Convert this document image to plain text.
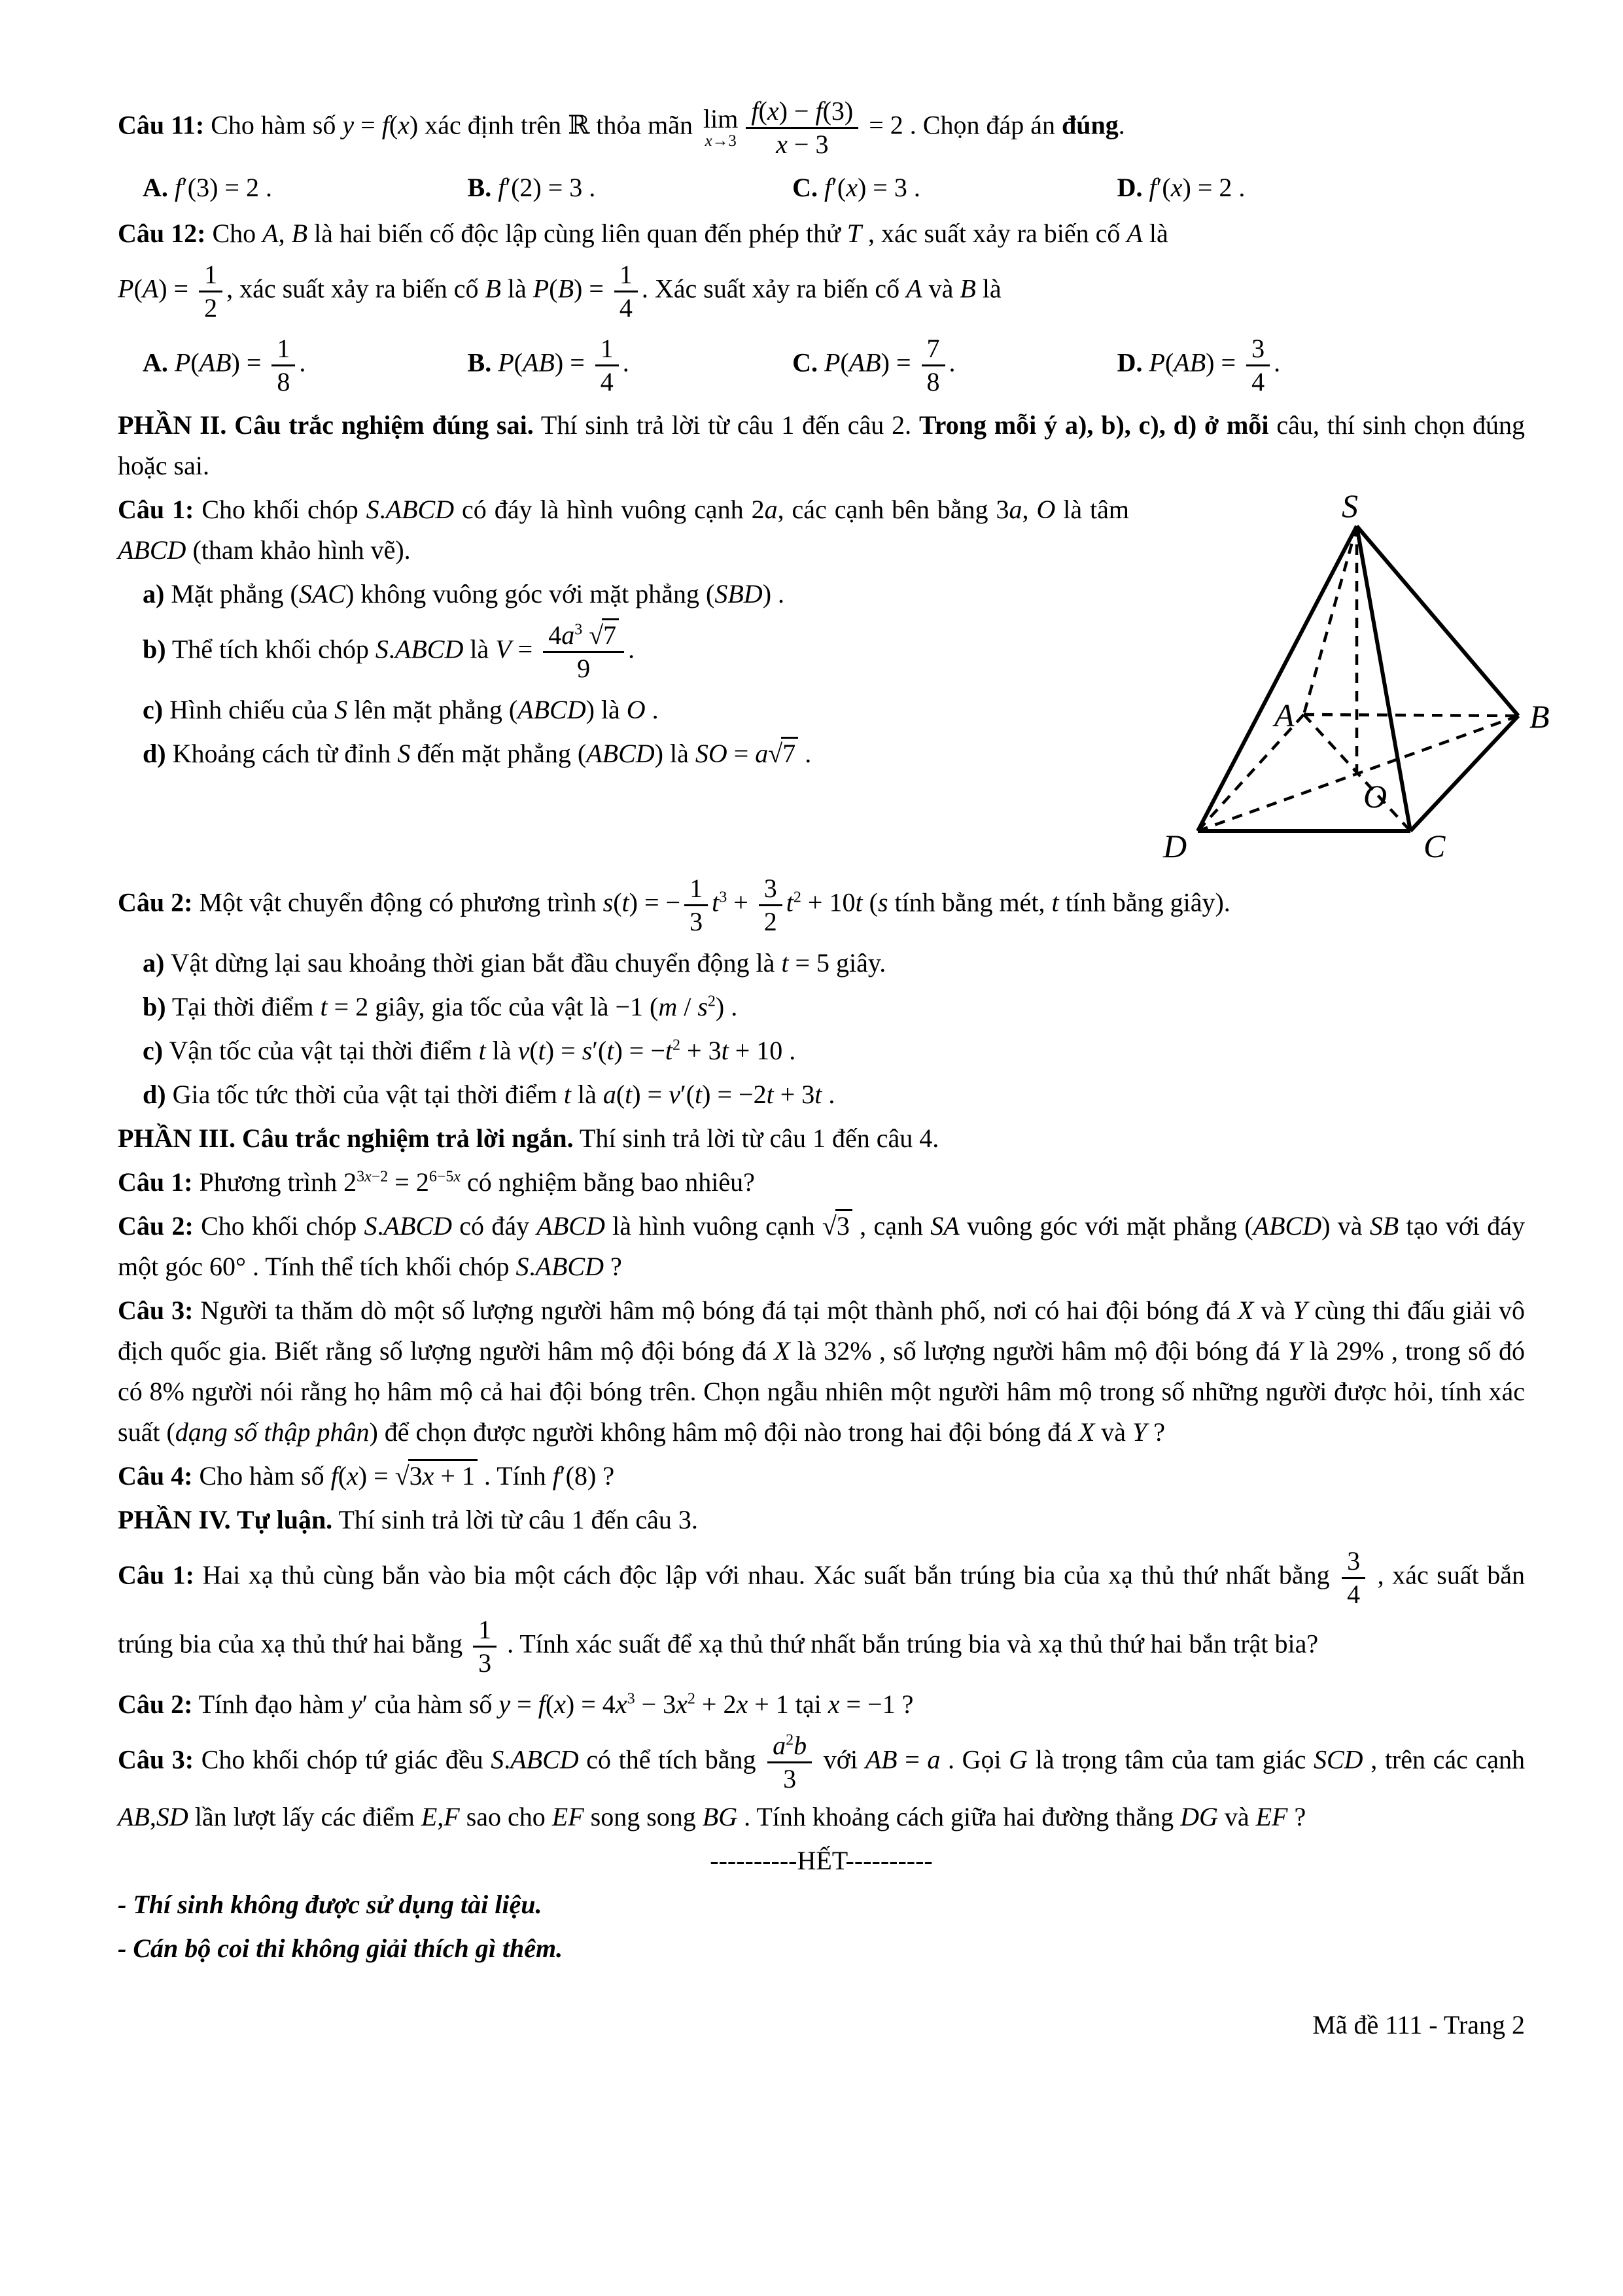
Câu 11: Cho hàm số y = f(x) xác định trên ℝ thỏa mãn lim
$x\to 3 \frac{f(x) - f(3)}{x - 3} = 2$ . Chọn đáp án đúng.

A. f′(3) = 2 .	B. f′(2) = 3 .	C. f′(x) = 3 .	D. f′(x) = 2 .

Câu 12: Cho A, B là hai biến cố độc lập cùng liên quan đến phép thử T , xác suất xảy ra biến cố A là

$P(A) = \frac{1}{2}$ , xác suất xảy ra biến cố B là $P(B) = \frac{1}{4}$ . Xác suất xảy ra biến cố A và B là

A. $P(AB) = \frac{1}{8}$ .	B. $P(AB) = \frac{1}{4}$ .	C. $P(AB) = \frac{7}{8}$ .	D. $P(AB) = \frac{3}{4}$ .

PHẦN II. Câu trắc nghiệm đúng sai. Thí sinh trả lời từ câu 1 đến câu 2. Trong mỗi ý a), b), c), d) ở mỗi câu, thí sinh chọn đúng hoặc sai.

S
A	B
C
D
O

Câu 1: Cho khối chóp S.ABCD có đáy là hình vuông cạnh 2a, các cạnh bên bằng 3a, O là tâm ABCD (tham khảo hình vẽ).

a) Mặt phẳng (SAC) không vuông góc với mặt phẳng (SBD) .

b) Thể tích khối chóp S.ABCD là $V = \frac{4a^3 √7}{9}$ .

c) Hình chiếu của S lên mặt phẳng (ABCD) là O .

d) Khoảng cách từ đỉnh S đến mặt phẳng (ABCD) là SO = a√7 .

Câu 2: Một vật chuyển động có phương trình s(t) = − $\frac{1}{3} t^3 + \frac{3}{2} t^2 + 10t$ (s tính bằng mét, t tính bằng giây).

a) Vật dừng lại sau khoảng thời gian bắt đầu chuyển động là t = 5 giây.

b) Tại thời điểm t = 2 giây, gia tốc của vật là −1 $(m / s^2)$ .

c) Vận tốc của vật tại thời điểm t là $v(t) = s'(t) = -t^2 + 3t + 10$ .

d) Gia tốc tức thời của vật tại thời điểm t là a(t) = v′(t) = −2t + 3t .

PHẦN III. Câu trắc nghiệm trả lời ngắn. Thí sinh trả lời từ câu 1 đến câu 4.

Câu 1: Phương trình $2^{3x-2} = 2^{6-5x}$ có nghiệm bằng bao nhiêu?

Câu 2: Cho khối chóp S.ABCD có đáy ABCD là hình vuông cạnh √3 , cạnh SA vuông góc với mặt phẳng (ABCD) và SB tạo với đáy một góc 60° . Tính thể tích khối chóp S.ABCD ?

Câu 3: Người ta thăm dò một số lượng người hâm mộ bóng đá tại một thành phố, nơi có hai đội bóng đá X và Y cùng thi đấu giải vô địch quốc gia. Biết rằng số lượng người hâm mộ đội bóng đá X là 32% , số lượng người hâm mộ đội bóng đá Y là 29% , trong số đó có 8% người nói rằng họ hâm mộ cả hai đội bóng trên. Chọn ngẫu nhiên một người hâm mộ trong số những người được hỏi, tính xác suất (dạng số thập phân) để chọn được người không hâm mộ đội nào trong hai đội bóng đá X và Y ?

Câu 4: Cho hàm số f(x) = √3x + 1 . Tính f′(8) ?

PHẦN IV. Tự luận. Thí sinh trả lời từ câu 1 đến câu 3.

Câu 1: Hai xạ thủ cùng bắn vào bia một cách độc lập với nhau. Xác suất bắn trúng bia của xạ thủ thứ nhất bằng $\frac{3}{4}$ , xác suất bắn trúng bia của xạ thủ thứ hai bằng $\frac{1}{3}$ . Tính xác suất để xạ thủ thứ nhất bắn trúng bia và xạ thủ thứ hai bắn trật bia?

Câu 2: Tính đạo hàm y′ của hàm số $y = f(x) = 4x^3 - 3x^2 + 2x + 1$ tại x = −1 ?

Câu 3: Cho khối chóp tứ giác đều S.ABCD có thể tích bằng $\frac{a^2b}{3}$ với AB = a . Gọi G là trọng tâm của tam giác SCD , trên các cạnh AB,SD lần lượt lấy các điểm E,F sao cho EF song song BG . Tính khoảng cách giữa hai đường thẳng DG và EF ?

----------HẾT----------

- Thí sinh không được sử dụng tài liệu.

- Cán bộ coi thi không giải thích gì thêm.

Mã đề 111 - Trang 2
